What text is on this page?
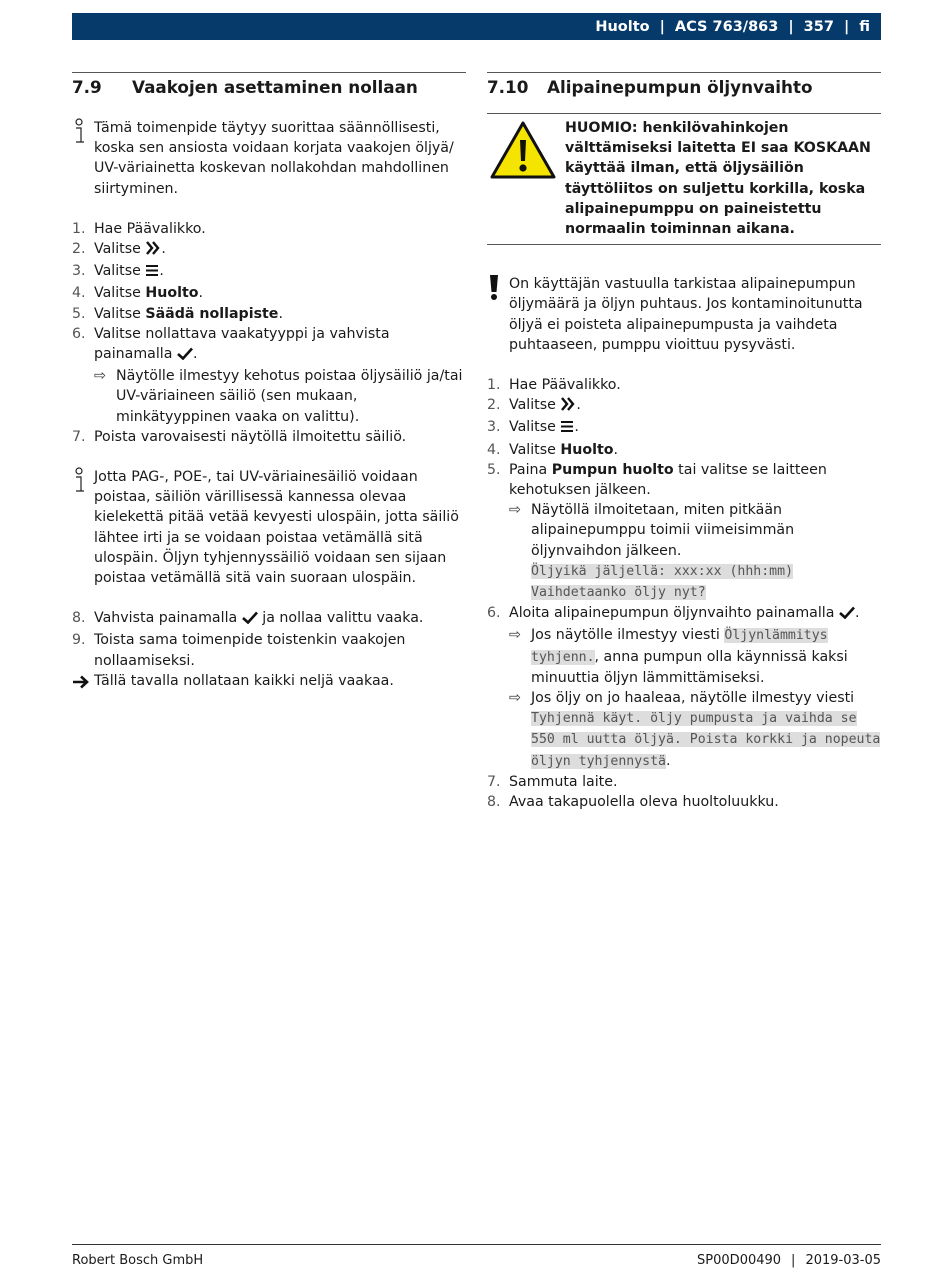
Huolto | ACS 763/863 | 357 | fi
7.9	Vaakojen asettaminen nollaan
Tämä toimenpide täytyy suorittaa säännöllisesti, koska sen ansiosta voidaan korjata vaakojen öljyä/ UV-väriainetta koskevan nollakohdan mahdollinen siirtyminen.
1. Hae Päävalikko.
2. Valitse .
3. Valitse .
4. Valitse Huolto.
5. Valitse Säädä nollapiste.
6. Valitse nollattava vaakatyyppi ja vahvista painamalla .
⇨ Näytölle ilmestyy kehotus poistaa öljysäiliö ja/tai UV-väriaineen säiliö (sen mukaan, minkätyyppinen vaaka on valittu).
7. Poista varovaisesti näytöllä ilmoitettu säiliö.
Jotta PAG-, POE-, tai UV-väriainesäiliö voidaan poistaa, säiliön värillisessä kannessa olevaa kielekettä pitää vetää kevyesti ulospäin, jotta säiliö lähtee irti ja se voidaan poistaa vetämällä sitä ulospäin. Öljyn tyhjennyssäiliö voidaan sen sijaan poistaa vetämällä sitä vain suoraan ulospäin.
8. Vahvista painamalla ja nollaa valittu vaaka.
9. Toista sama toimenpide toistenkin vaakojen nollaamiseksi.
Tällä tavalla nollataan kaikki neljä vaakaa.
7.10	Alipainepumpun öljynvaihto
HUOMIO: henkilövahinkojen välttämiseksi laitetta EI saa KOSKAAN käyttää ilman, että öljysäiliön täyttöliitos on suljettu korkilla, koska alipainepumppu on paineistettu normaalin toiminnan aikana.
On käyttäjän vastuulla tarkistaa alipainepumpun öljymäärä ja öljyn puhtaus. Jos kontaminoitunutta öljyä ei poisteta alipainepumpusta ja vaihdeta puhtaaseen, pumppu vioittuu pysyvästi.
1. Hae Päävalikko.
2. Valitse .
3. Valitse .
4. Valitse Huolto.
5. Paina Pumpun huolto tai valitse se laitteen kehotuksen jälkeen.
⇨ Näytöllä ilmoitetaan, miten pitkään alipainepumppu toimii viimeisimmän öljynvaihdon jälkeen.
Öljyikä jäljellä: xxx:xx (hhh:mm)
Vaihdetaanko öljy nyt?
6. Aloita alipainepumpun öljynvaihto painamalla .
⇨ Jos näytölle ilmestyy viesti Öljynlämmitys tyhjenn., anna pumpun olla käynnissä kaksi minuuttia öljyn lämmittämiseksi.
⇨ Jos öljy on jo haaleaa, näytölle ilmestyy viesti Tyhjennä käyt. öljy pumpusta ja vaihda se 550 ml uutta öljyä. Poista korkki ja nopeuta öljyn tyhjennystä.
7. Sammuta laite.
8. Avaa takapuolella oleva huoltoluukku.
Robert Bosch GmbH	SP00D00490 | 2019-03-05
